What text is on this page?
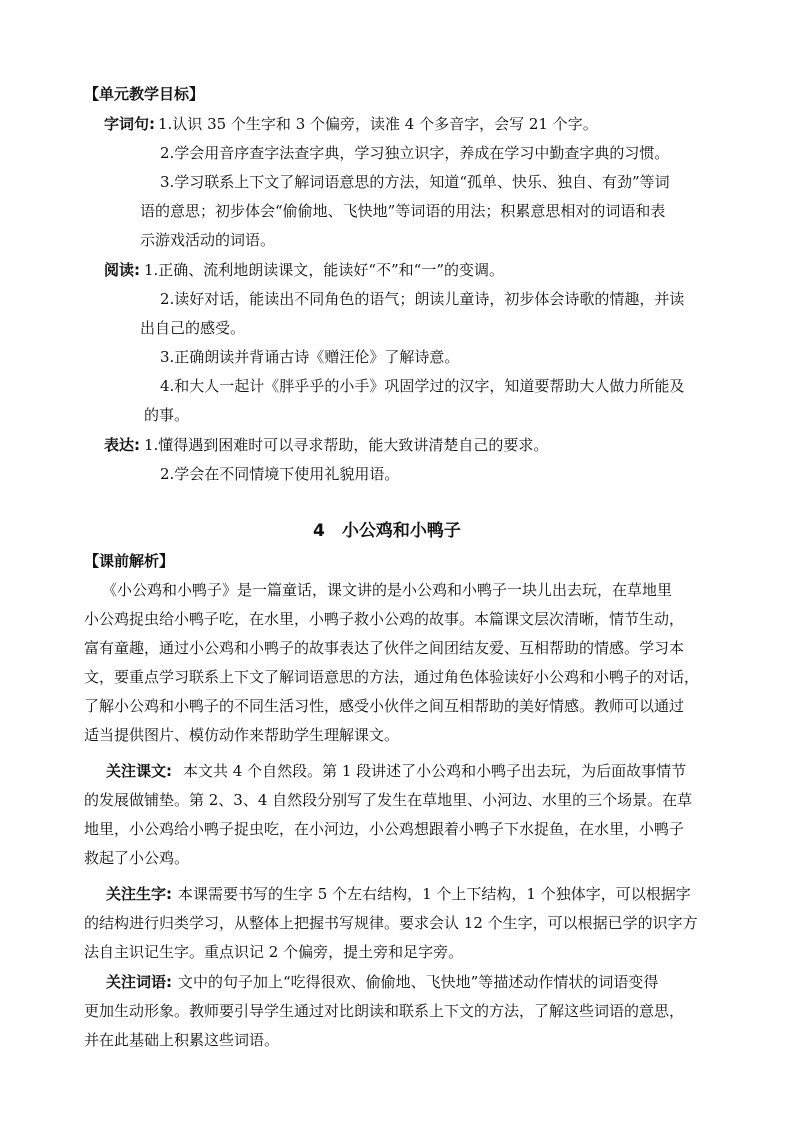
【单元教学目标】
字词句: 1.认识 35 个生字和 3 个偏旁，读准 4 个多音字，会写 21 个字。
2.学会用音序查字法查字典，学习独立识字，养成在学习中勤查字典的习惯。
3.学习联系上下文了解词语意思的方法，知道“孤单、快乐、独自、有劲”等词
语的意思；初步体会“偷偷地、飞快地”等词语的用法；积累意思相对的词语和表
示游戏活动的词语。
阅读: 1.正确、流利地朗读课文，能读好“不”和“一”的变调。
2.读好对话，能读出不同角色的语气；朗读儿童诗，初步体会诗歌的情趣，并读
出自己的感受。
3.正确朗读并背诵古诗《赠汪伦》了解诗意。
4.和大人一起计《胖乎乎的小手》巩固学过的汉字，知道要帮助大人做力所能及
的事。
表达: 1.懂得遇到困难时可以寻求帮助，能大致讲清楚自己的要求。
2.学会在不同情境下使用礼貌用语。
4　小公鸡和小鸭子
【课前解析】
《小公鸡和小鸭子》是一篇童话，课文讲的是小公鸡和小鸭子一块儿出去玩，在草地里
小公鸡捉虫给小鸭子吃，在水里，小鸭子救小公鸡的故事。本篇课文层次清晰，情节生动，
富有童趣，通过小公鸡和小鸭子的故事表达了伙伴之间团结友爱、互相帮助的情感。学习本
文，要重点学习联系上下文了解词语意思的方法，通过角色体验读好小公鸡和小鸭子的对话，
了解小公鸡和小鸭子的不同生活习性，感受小伙伴之间互相帮助的美好情感。教师可以通过
适当提供图片、模仿动作来帮助学生理解课文。
关注课文: 本文共 4 个自然段。第 1 段讲述了小公鸡和小鸭子出去玩，为后面故事情节
的发展做铺垫。第 2、3、4 自然段分别写了发生在草地里、小河边、水里的三个场景。在草
地里，小公鸡给小鸭子捉虫吃，在小河边，小公鸡想跟着小鸭子下水捉鱼，在水里，小鸭子
救起了小公鸡。
关注生字: 本课需要书写的生字 5 个左右结构，1 个上下结构，1 个独体字，可以根据字
的结构进行归类学习，从整体上把握书写规律。要求会认 12 个生字，可以根据已学的识字方
法自主识记生字。重点识记 2 个偏旁，提土旁和足字旁。
关注词语: 文中的句子加上“吃得很欢、偷偷地、飞快地”等描述动作情状的词语变得
更加生动形象。教师要引导学生通过对比朗读和联系上下文的方法，了解这些词语的意思，
并在此基础上积累这些词语。
